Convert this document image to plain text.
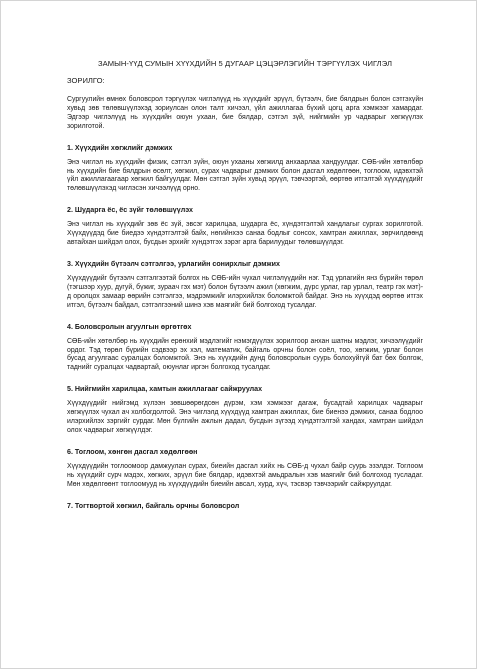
ЗАМЫН-ҮҮД СУМЫН ХҮҮХДИЙН 5 ДУГААР ЦЭЦЭРЛЭГИЙН ТЭРГҮҮЛЭХ ЧИГЛЭЛ
ЗОРИЛГО:
Сургуулийн өмнөх боловсрол тэргүүлэх чиглэлүүд нь хүүхдийг эрүүл, бүтээлч, бие бялдрын болон сэтгэхүйн хувьд зөв төлөвшүүлэхэд зориулсан олон талт хичээл, үйл ажиллагаа бүхий цогц арга хэмжээг хамардаг. Эдгээр чиглэлүүд нь хүүхдийн оюун ухаан, бие бялдар, сэтгэл зүй, нийгмийн ур чадварыг хөгжүүлэх зорилготой.
1. Хүүхдийн хөгжлийг дэмжих
Энэ чиглэл нь хүүхдийн физик, сэтгэл зүйн, оюун ухааны хөгжилд анхаарлаа хандуулдаг. СӨБ-ийн хөтөлбөр нь хүүхдийн бие бялдрын өсөлт, хөгжил, сурах чадварыг дэмжих болон дасгал хөдөлгөөн, тоглоом, идэвхтэй үйл ажиллагаагаар хөгжил байгуулдаг. Мөн сэтгэл зүйн хувьд эрүүл, тэвчээртэй, өөртөө итгэлтэй хүүхдүүдийг төлөвшүүлэхэд чиглэсэн хичээлүүд орно.
2. Шударга ёс, ёс зүйг төлөвшүүлэх
Энэ чиглэл нь хүүхдийг зөв ёс зүй, эвсэг харилцаа, шударга ёс, хүндэтгэлтэй хандлагыг сургах зорилготой. Хүүхдүүдэд бие биедээ хүндэтгэлтэй байх, нөгийнхээ санаа бодлыг сонсох, хамтран ажиллах, зөрчилдөөнд автайхан шийдэл олох, бусдын эрхийг хүндэтгэх зэрэг арга барилуудыг төлөвшүүлдэг.
3. Хүүхдийн бүтээлч сэтгэлгээ, урлагийн сонирхлыг дэмжих
Хүүхдүүдийг бүтээлч сэтгэлгээтэй болгох нь СӨБ-ийн чухал чиглэлүүдийн нэг. Тэд урлагийн янз бүрийн төрөл (тэгшээр хуур, дугуй, бүжиг, зураач гэх мэт) болон бүтээлч ажил (хөгжим, дүрс урлаг, гар урлал, театр гэх мэт)-д оролцох замаар өөрийн сэтгэлгээ, мэдрэмжийг илэрхийлэх боломжтой байдаг. Энэ нь хүүхдэд өөртөө итгэх итгэл, бүтээлч байдал, сэтгэлгээний шинэ хэв маягийг бий болгоход тусалдаг.
4. Боловсролын агуулгын өргөтгөх
СӨБ-ийн хөтөлбөр нь хүүхдийн ерөнхий мэдлэгийг нэмэгдүүлэх зорилгоор анхан шатны мэдлэг, хичээлүүдийг ордог. Тэд төрөл бүрийн сэдвээр эх хэл, математик, байгаль орчны болон соёл, тоо, хөгжим, урлаг болон бусад агуулгаас суралцах боломжтой. Энэ нь хүүхдийн дунд боловсролын суурь болохуйгүй бат бөх болгож, таднийг суралцах чадвартай, оюунлаг иргэн болгоход тусалдаг.
5. Нийгмийн харилцаа, хамтын ажиллагааг сайжруулах
Хүүхдүүдийг нийгэмд хүлээн зөвшөөрөгдсөн дүрэм, хэм хэмжээг дагаж, бусадтай харилцах чадварыг хөгжүүлэх чухал ач холбогдолтой. Энэ чиглэлд хүүхдүүд хамтран ажиллах, бие биенээ дэмжих, санаа бодлоо илэрхийлэх зэргийг сурдаг. Мөн бүлгийн ажлын дадал, бусдын зүгээд хүндэтгэлтэй хандах, хамтран шийдэл олох чадварыг хөгжүүлдэг.
6. Тоглоом, хөнгөн дасгал хөдөлгөөн
Хүүхдүүдийн тоглоомоор дамжуулан сурах, биеийн дасгал хийх нь СӨБ-д чухал байр суурь эзэлдэг. Тоглоом нь хүүхдийг сурч мэдэх, хөгжих, эрүүл бие бялдар, идэвхтэй амьдралын хэв маягийг бий болгоход тусладаг. Мөн хөдөлгөөнт тоглоомууд нь хүүхдүүдийн биеийн авсал, хурд, хүч, тэсвэр тэвчээрийг сайжруулдаг.
7. Тогтвортой хөгжил, байгаль орчны боловсрол
